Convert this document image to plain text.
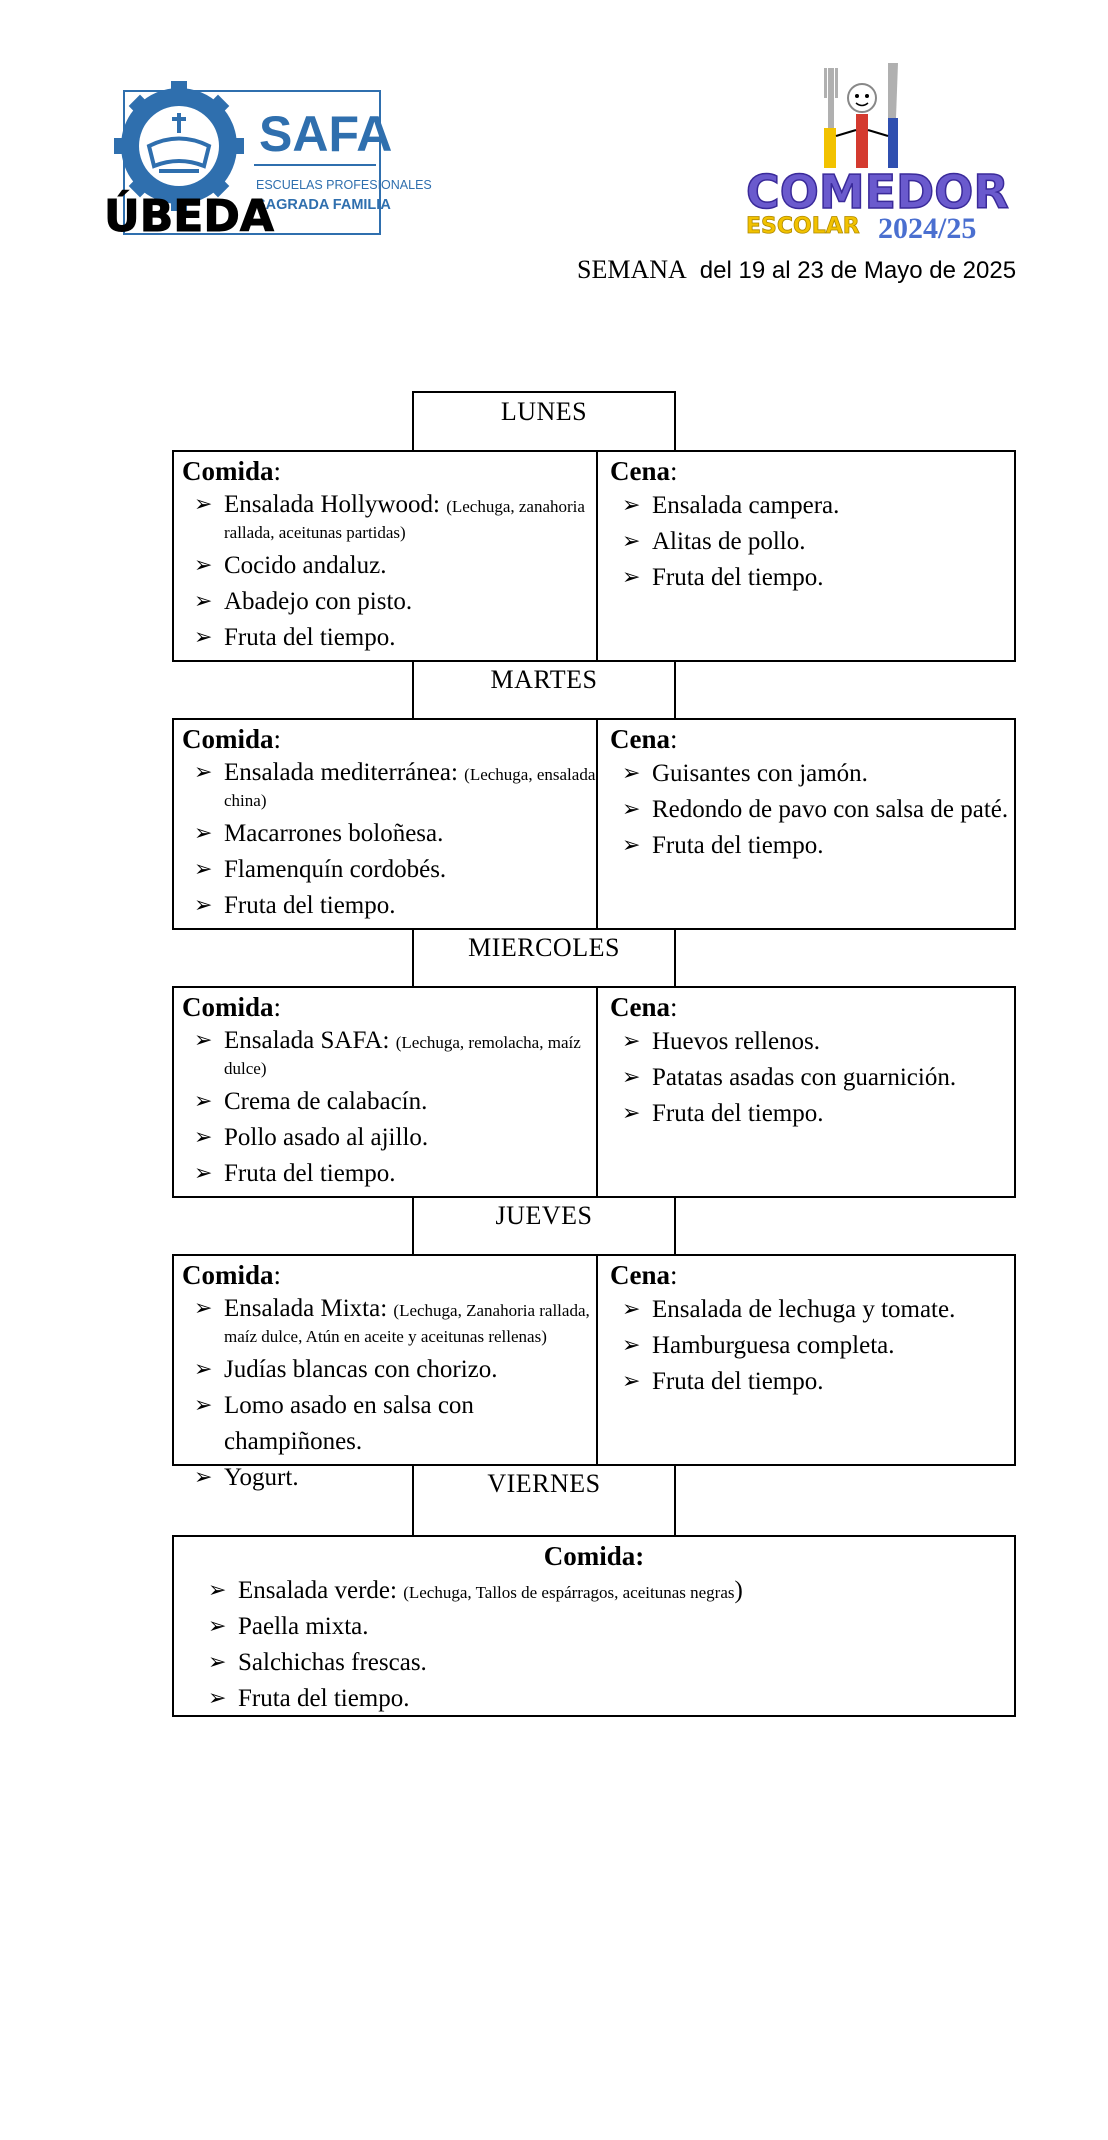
SAFA
ESCUELAS PROFESIONALES
SAGRADA FAMILIA
ÚBEDA	COMEDOR
ESCOLAR 2024/25
SEMANA del 19 al 23 de Mayo de 2025
LUNES
Comida:
➢ Ensalada Hollywood: (Lechuga, zanahoria rallada, aceitunas partidas)
➢ Cocido andaluz.
➢ Abadejo con pisto.
➢ Fruta del tiempo.
Cena:
➢ Ensalada campera.
➢ Alitas de pollo.
➢ Fruta del tiempo.
MARTES
Comida:
➢ Ensalada mediterránea: (Lechuga, ensalada china)
➢ Macarrones boloñesa.
➢ Flamenquín cordobés.
➢ Fruta del tiempo.
Cena:
➢ Guisantes con jamón.
➢ Redondo de pavo con salsa de paté.
➢ Fruta del tiempo.
MIERCOLES
Comida:
➢ Ensalada SAFA: (Lechuga, remolacha, maíz dulce)
➢ Crema de calabacín.
➢ Pollo asado al ajillo.
➢ Fruta del tiempo.
Cena:
➢ Huevos rellenos.
➢ Patatas asadas con guarnición.
➢ Fruta del tiempo.
JUEVES
Comida:
➢ Ensalada Mixta: (Lechuga, Zanahoria rallada, maíz dulce, Atún en aceite y aceitunas rellenas)
➢ Judías blancas con chorizo.
➢ Lomo asado en salsa con champiñones.
➢ Yogurt.
Cena:
➢ Ensalada de lechuga y tomate.
➢ Hamburguesa completa.
➢ Fruta del tiempo.
VIERNES
Comida:
➢ Ensalada verde: (Lechuga, Tallos de espárragos, aceitunas negras)
➢ Paella mixta.
➢ Salchichas frescas.
➢ Fruta del tiempo.
